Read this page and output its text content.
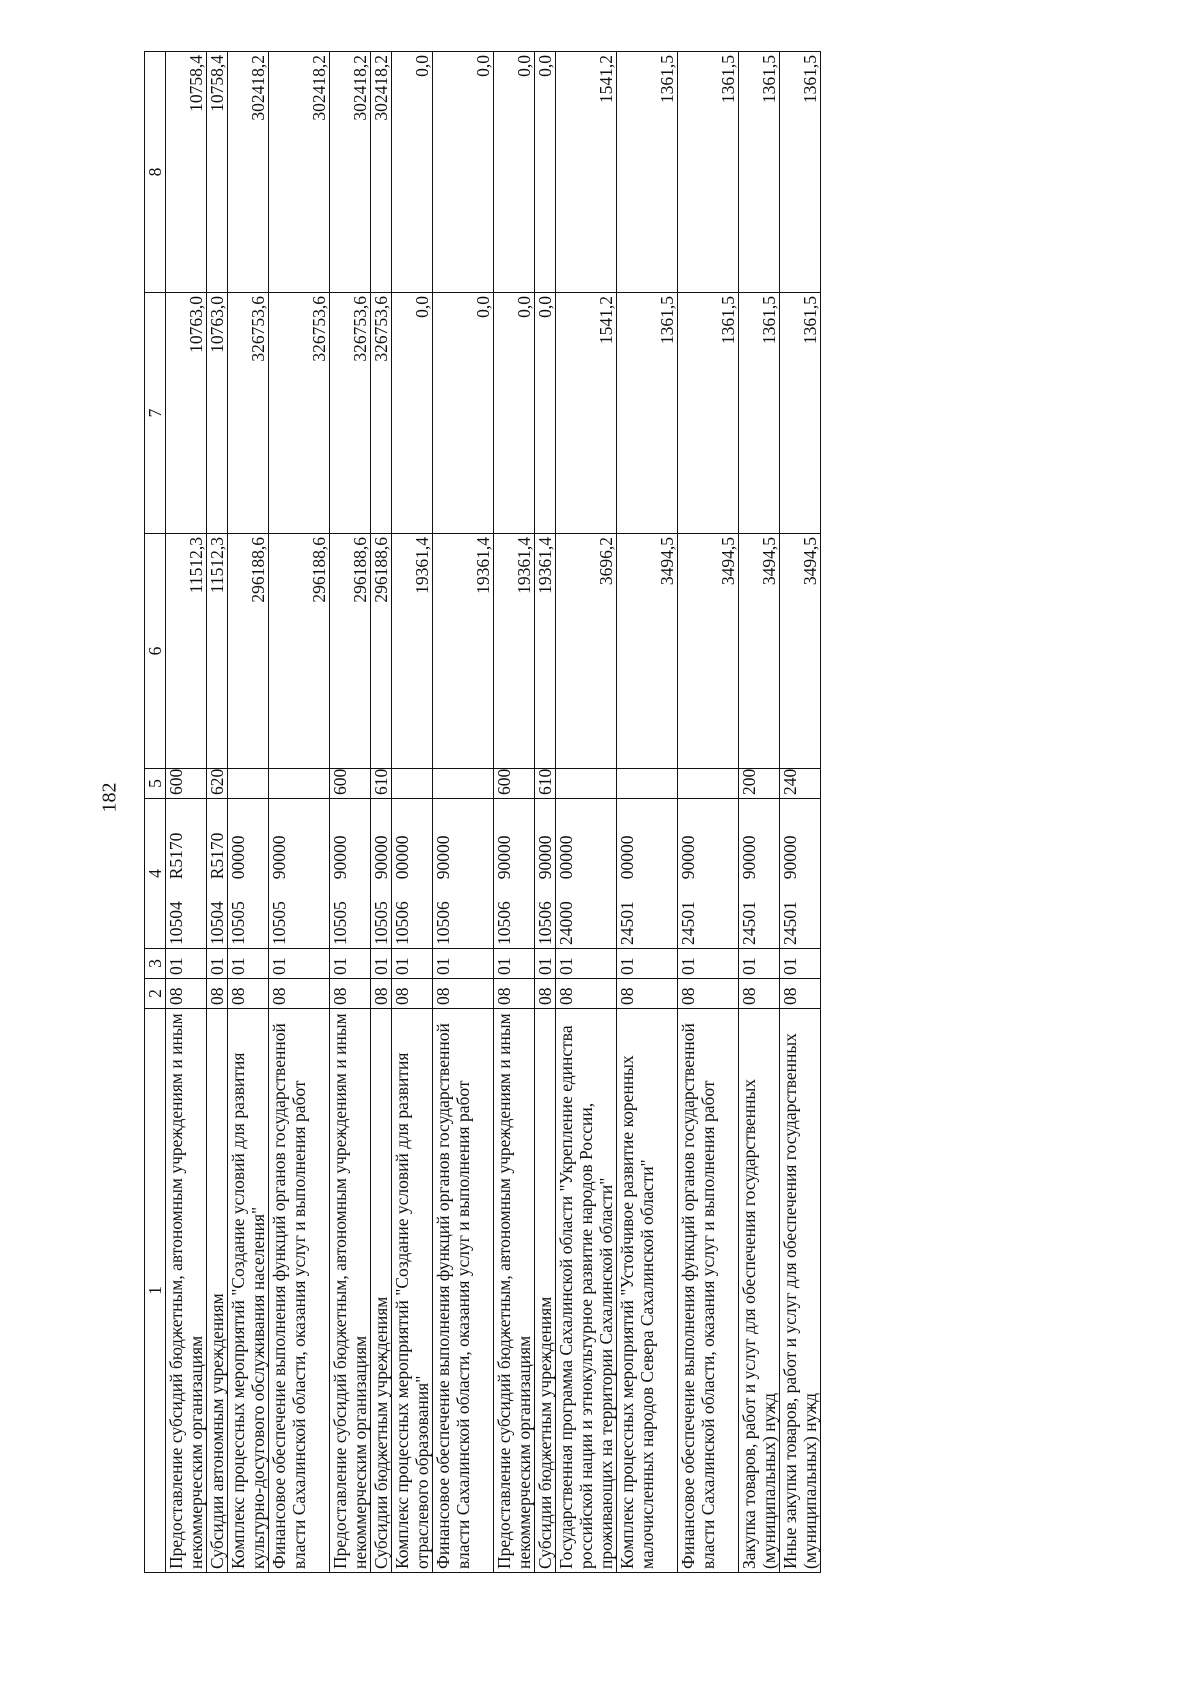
182
1	2	3	4	5	6	7	8
Предоставление субсидий бюджетным, автономным учреждениям и иным некоммерческим организациям	08	01	10504R5170	600	11512,3	10763,0	10758,4
Субсидии автономным учреждениям	08	01	10504R5170	620	11512,3	10763,0	10758,4
Комплекс процессных мероприятий "Создание условий для развития культурно-досугового обслуживания населения"	08	01	1050500000		296188,6	326753,6	302418,2
Финансовое обеспечение выполнения функций органов государственной власти Сахалинской области, оказания услуг и выполнения работ	08	01	1050590000		296188,6	326753,6	302418,2
Предоставление субсидий бюджетным, автономным учреждениям и иным некоммерческим организациям	08	01	1050590000	600	296188,6	326753,6	302418,2
Субсидии бюджетным учреждениям	08	01	1050590000	610	296188,6	326753,6	302418,2
Комплекс процессных мероприятий "Создание условий для развития отраслевого образования"	08	01	1050600000		19361,4	0,0	0,0
Финансовое обеспечение выполнения функций органов государственной власти Сахалинской области, оказания услуг и выполнения работ	08	01	1050690000		19361,4	0,0	0,0
Предоставление субсидий бюджетным, автономным учреждениям и иным некоммерческим организациям	08	01	1050690000	600	19361,4	0,0	0,0
Субсидии бюджетным учреждениям	08	01	1050690000	610	19361,4	0,0	0,0
Государственная программа Сахалинской области "Укрепление единства российской нации и этнокультурное развитие народов России, проживающих на территории Сахалинской области"	08	01	2400000000		3696,2	1541,2	1541,2
Комплекс процессных мероприятий "Устойчивое развитие коренных малочисленных народов Севера Сахалинской области"	08	01	2450100000		3494,5	1361,5	1361,5
Финансовое обеспечение выполнения функций органов государственной власти Сахалинской области, оказания услуг и выполнения работ	08	01	2450190000		3494,5	1361,5	1361,5
Закупка товаров, работ и услуг для обеспечения государственных (муниципальных) нужд	08	01	2450190000	200	3494,5	1361,5	1361,5
Иные закупки товаров, работ и услуг для обеспечения государственных (муниципальных) нужд	08	01	2450190000	240	3494,5	1361,5	1361,5
